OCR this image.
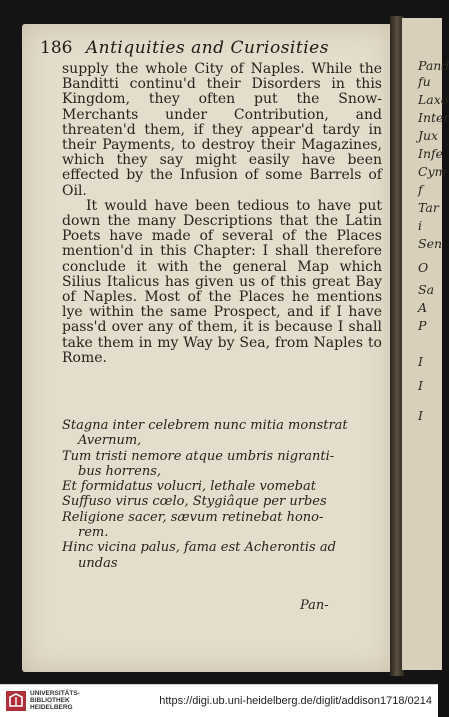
Pand
fu
Laxo
Inter
Jux
Infe
Cym
f
Tar
i
Sen
O
Sa
A
P
I
I
I
186 Antiquities and Curiosities

supply the whole City of Naples. While the Banditti continu'd their Disorders in this Kingdom, they often put the Snow-Merchants under Contribution, and threaten'd them, if they appear'd tardy in their Payments, to destroy their Magazines, which they say might easily have been effected by the Infusion of some Barrels of Oil.

It would have been tedious to have put down the many Descriptions that the Latin Poets have made of several of the Places mention'd in this Chapter: I shall therefore conclude it with the general Map which Silius Italicus has given us of this great Bay of Naples. Most of the Places he mentions lye within the same Prospect, and if I have pass'd over any of them, it is because I shall take them in my Way by Sea, from Naples to Rome.

Stagna inter celebrem nunc mitia monstrat
Avernum,
Tum tristi nemore atque umbris nigranti-
bus horrens,
Et formidatus volucri, lethale vomebat
Suffuso virus cœlo, Stygiâque per urbes
Religione sacer, sævum retinebat hono-
rem.
Hinc vicina palus, fama est Acherontis ad
undas
Pan-
UNIVERSITÄTS-
BIBLIOTHEK
HEIDELBERG
https://digi.ub.uni-heidelberg.de/diglit/addison1718/0214
